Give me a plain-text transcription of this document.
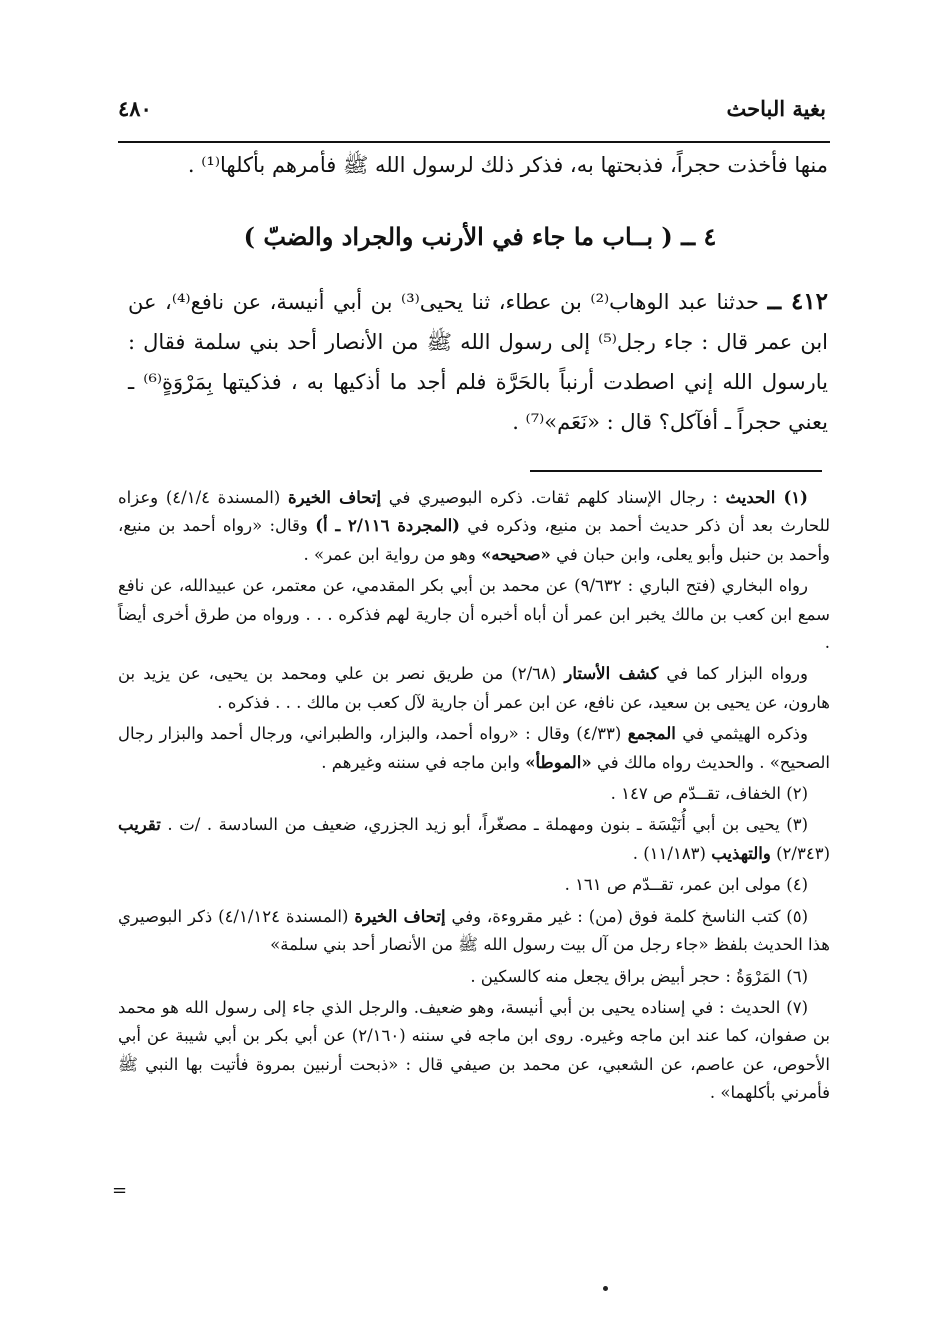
بغية الباحث
٤٨٠
منها فأخذت حجراً، فذبحتها به، فذكر ذلك لرسول الله ﷺ فأمرهم بأكلها⁽¹⁾ .
٤ ــ ( بــاب ما جاء في الأرنب والجراد والضبّ )
٤١٢ ــ حدثنا عبد الوهاب⁽²⁾ بن عطاء، ثنا يحيى⁽³⁾ بن أبي أنيسة، عن نافع⁽⁴⁾، عن ابن عمر قال : جاء رجل⁽⁵⁾ إلى رسول الله ﷺ من الأنصار أحد بني سلمة فقال : يارسول الله إني اصطدت أرنباً بالحَرَّة فلم أجد ما أذكيها به ، فذكيتها بِمَرْوَةٍ⁽⁶⁾ ـ يعني حجراً ـ أفآكل؟ قال : «نَعَم»⁽⁷⁾ .

(١) الحديث : رجال الإسناد كلهم ثقات. ذكره البوصيري في إتحاف الخيرة (المسندة ٤/١/٤) وعزاه للحارث بعد أن ذكر حديث أحمد بن منيع، وذكره في (المجردة ٢/١١٦ ـ أ) وقال: «رواه أحمد بن منيع، وأحمد بن حنبل وأبو يعلى، وابن حبان في «صحيحه» وهو من رواية ابن عمر» .

رواه البخاري (فتح الباري : ٩/٦٣٢) عن محمد بن أبي بكر المقدمي، عن معتمر، عن عبيدالله، عن نافع سمع ابن كعب بن مالك يخبر ابن عمر أن أباه أخبره أن جارية لهم فذكره . . . ورواه من طرق أخرى أيضاً .

ورواه البزار كما في كشف الأستار (٢/٦٨) من طريق نصر بن علي ومحمد بن يحيى، عن يزيد بن هارون، عن يحيى بن سعيد، عن نافع، عن ابن عمر أن جارية لآل كعب بن مالك . . . فذكره .

وذكره الهيثمي في المجمع (٤/٣٣) وقال : «رواه أحمد، والبزار، والطبراني، ورجال أحمد والبزار رجال الصحيح» . والحديث رواه مالك في «الموطأ» وابن ماجه في سننه وغيرهم .

(٢) الخفاف، تقــدّم ص ١٤٧ .

(٣) يحيى بن أبي أُنَيْسَة ـ بنون ومهملة ـ مصغّراً، أبو زيد الجزري، ضعيف من السادسة . /ت . تقريب (٢/٣٤٣) والتهذيب (١١/١٨٣) .

(٤) مولى ابن عمر، تقــدّم ص ١٦١ .

(٥) كتب الناسخ كلمة فوق (من) : غير مقروءة، وفي إتحاف الخيرة (المسندة ٤/١/١٢٤) ذكر البوصيري هذا الحديث بلفظ «جاء رجل من آل بيت رسول الله ﷺ من الأنصار أحد بني سلمة»

(٦) المَرْوَةُ : حجر أبيض براق يجعل منه كالسكين .

(٧) الحديث : في إسناده يحيى بن أبي أنيسة، وهو ضعيف. والرجل الذي جاء إلى رسول الله هو محمد بن صفوان، كما عند ابن ماجه وغيره. روى ابن ماجه في سننه (٢/١٦٠) عن أبي بكر بن أبي شيبة عن أبي الأحوص، عن عاصم، عن الشعبي، عن محمد بن صيفي قال : «ذبحت أرنبين بمروة فأتيت بها النبي ﷺ فأمرني بأكلهما» .

=
